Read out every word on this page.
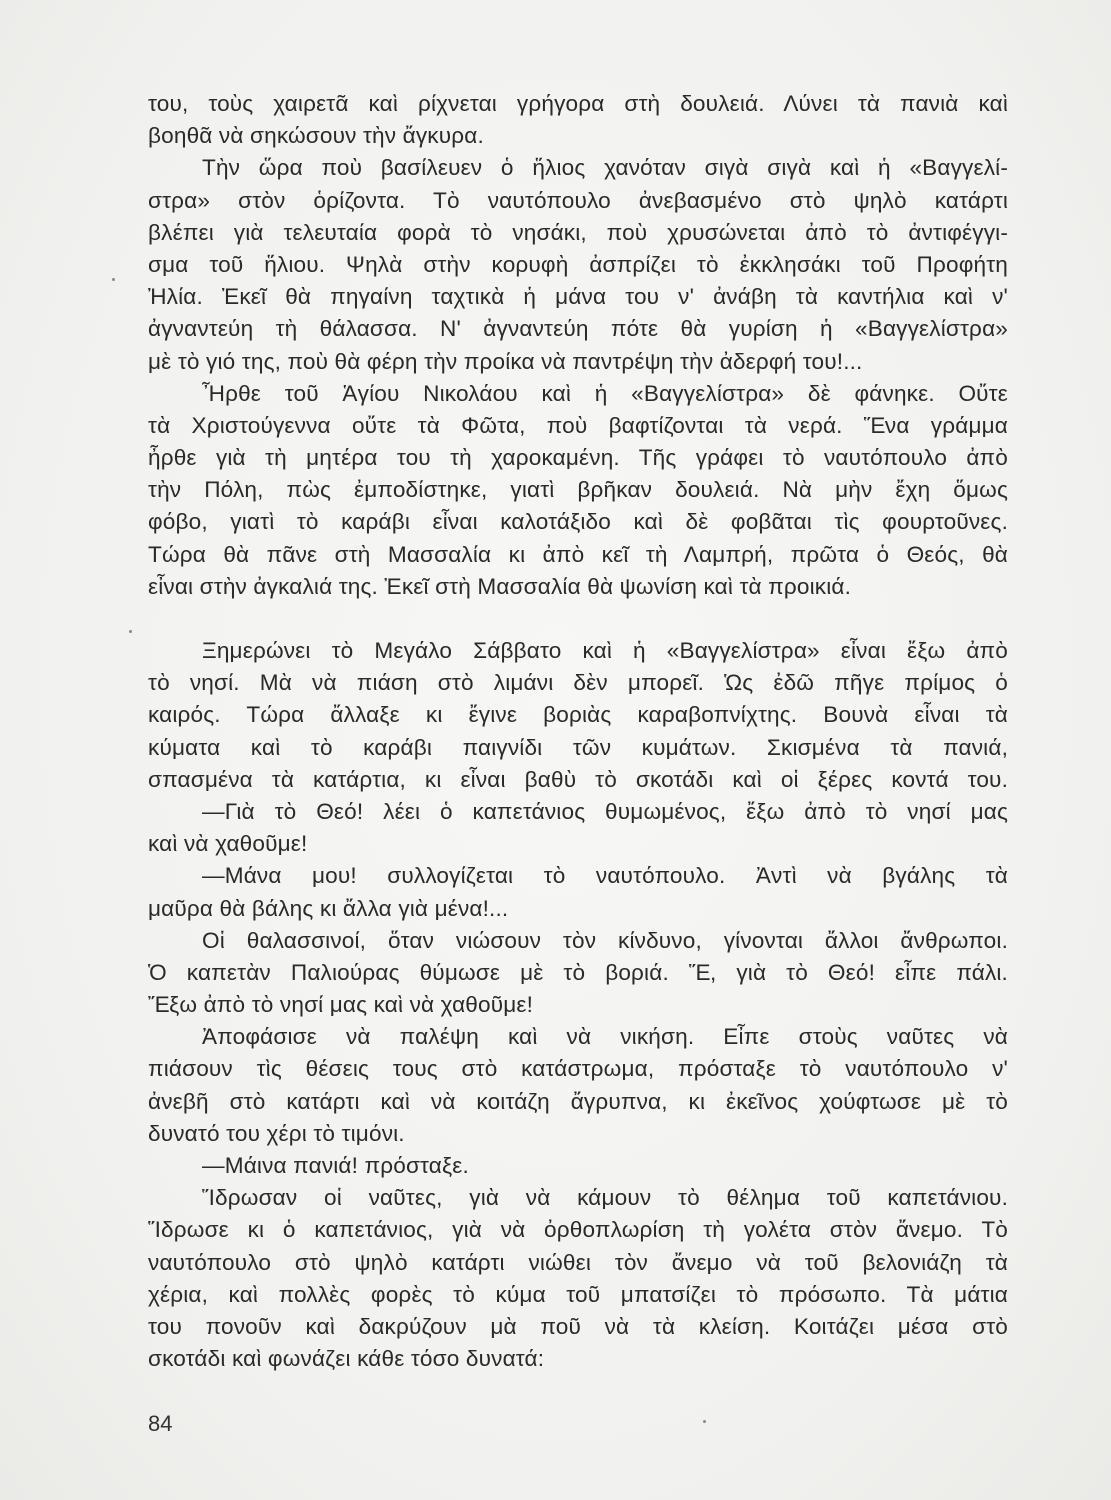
του, τοὺς χαιρετᾶ καὶ ρίχνεται γρήγορα στὴ δουλειά. Λύνει τὰ πανιὰ καὶ
βοηθᾶ νὰ σηκώσουν τὴν ἄγκυρα.
Τὴν ὥρα ποὺ βασίλευεν ὁ ἥλιος χανόταν σιγὰ σιγὰ καὶ ἡ «Βαγγελί-
στρα» στὸν ὁρίζοντα. Τὸ ναυτόπουλο ἀνεβασμένο στὸ ψηλὸ κατάρτι
βλέπει γιὰ τελευταία φορὰ τὸ νησάκι, ποὺ χρυσώνεται ἀπὸ τὸ ἀντιφέγγι-
σμα τοῦ ἥλιου. Ψηλὰ στὴν κορυφὴ ἀσπρίζει τὸ ἐκκλησάκι τοῦ Προφήτη
Ἠλία. Ἐκεῖ θὰ πηγαίνη ταχτικὰ ἡ μάνα του ν' ἀνάβη τὰ καντήλια καὶ ν'
ἀγναντεύη τὴ θάλασσα. Ν' ἀγναντεύη πότε θὰ γυρίση ἡ «Βαγγελίστρα»
μὲ τὸ γιό της, ποὺ θὰ φέρη τὴν προίκα νὰ παντρέψη τὴν ἀδερφή του!...
Ἦρθε τοῦ Ἁγίου Νικολάου καὶ ἡ «Βαγγελίστρα» δὲ φάνηκε. Οὔτε
τὰ Χριστούγεννα οὔτε τὰ Φῶτα, ποὺ βαφτίζονται τὰ νερά. Ἕνα γράμμα
ἦρθε γιὰ τὴ μητέρα του τὴ χαροκαμένη. Τῆς γράφει τὸ ναυτόπουλο ἀπὸ
τὴν Πόλη, πὼς ἐμποδίστηκε, γιατὶ βρῆκαν δουλειά. Νὰ μὴν ἔχη ὅμως
φόβο, γιατὶ τὸ καράβι εἶναι καλοτάξιδο καὶ δὲ φοβᾶται τὶς φουρτοῦνες.
Τώρα θὰ πᾶνε στὴ Μασσαλία κι ἀπὸ κεῖ τὴ Λαμπρή, πρῶτα ὁ Θεός, θὰ
εἶναι στὴν ἀγκαλιά της. Ἐκεῖ στὴ Μασσαλία θὰ ψωνίση καὶ τὰ προικιά.
Ξημερώνει τὸ Μεγάλο Σάββατο καὶ ἡ «Βαγγελίστρα» εἶναι ἔξω ἀπὸ
τὸ νησί. Μὰ νὰ πιάση στὸ λιμάνι δὲν μπορεῖ. Ὡς ἐδῶ πῆγε πρίμος ὁ
καιρός. Τώρα ἄλλαξε κι ἔγινε βοριὰς καραβοπνίχτης. Βουνὰ εἶναι τὰ
κύματα καὶ τὸ καράβι παιγνίδι τῶν κυμάτων. Σκισμένα τὰ πανιά,
σπασμένα τὰ κατάρτια, κι εἶναι βαθὺ τὸ σκοτάδι καὶ οἱ ξέρες κοντά του.
—Γιὰ τὸ Θεό! λέει ὁ καπετάνιος θυμωμένος, ἔξω ἀπὸ τὸ νησί μας
καὶ νὰ χαθοῦμε!
—Μάνα μου! συλλογίζεται τὸ ναυτόπουλο. Ἀντὶ νὰ βγάλης τὰ
μαῦρα θὰ βάλης κι ἄλλα γιὰ μένα!...
Οἱ θαλασσινοί, ὅταν νιώσουν τὸν κίνδυνο, γίνονται ἄλλοι ἄνθρωποι.
Ὁ καπετὰν Παλιούρας θύμωσε μὲ τὸ βοριά. Ἕ, γιὰ τὸ Θεό! εἶπε πάλι.
Ἔξω ἀπὸ τὸ νησί μας καὶ νὰ χαθοῦμε!
Ἀποφάσισε νὰ παλέψη καὶ νὰ νικήση. Εἶπε στοὺς ναῦτες νὰ
πιάσουν τὶς θέσεις τους στὸ κατάστρωμα, πρόσταξε τὸ ναυτόπουλο ν'
ἀνεβῆ στὸ κατάρτι καὶ νὰ κοιτάζη ἄγρυπνα, κι ἐκεῖνος χούφτωσε μὲ τὸ
δυνατό του χέρι τὸ τιμόνι.
—Μάινα πανιά! πρόσταξε.
Ἵδρωσαν οἱ ναῦτες, γιὰ νὰ κάμουν τὸ θέλημα τοῦ καπετάνιου.
Ἵδρωσε κι ὁ καπετάνιος, γιὰ νὰ ὀρθοπλωρίση τὴ γολέτα στὸν ἄνεμο. Τὸ
ναυτόπουλο στὸ ψηλὸ κατάρτι νιώθει τὸν ἄνεμο νὰ τοῦ βελονιάζη τὰ
χέρια, καὶ πολλὲς φορὲς τὸ κύμα τοῦ μπατσίζει τὸ πρόσωπο. Τὰ μάτια
του πονοῦν καὶ δακρύζουν μὰ ποῦ νὰ τὰ κλείση. Κοιτάζει μέσα στὸ
σκοτάδι καὶ φωνάζει κάθε τόσο δυνατά:
84
